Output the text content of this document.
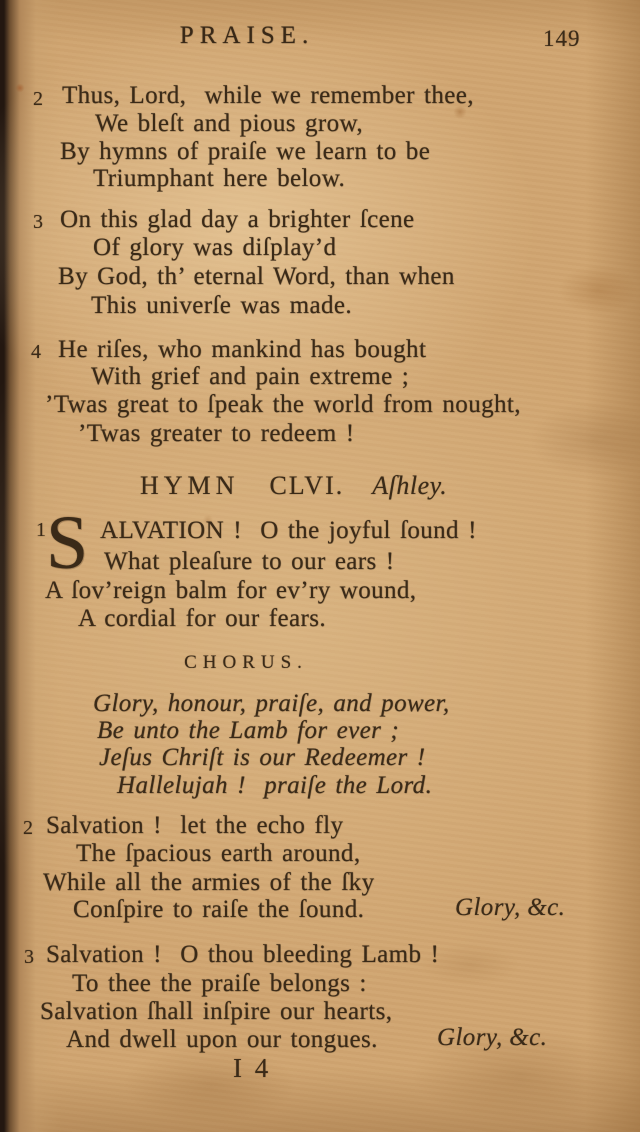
PRAISE.	149
2 Thus, Lord,  while we remember thee,
We bleſt and pious grow,
By hymns of praiſe we learn to be
Triumphant here below.
3 On this glad day a brighter ſcene
Of glory was diſplay’d
By God, th’ eternal Word, than when
This univerſe was made.
4 He riſes, who mankind has bought
With grief and pain extreme ;
’Twas great to ſpeak the world from nought,
’Twas greater to redeem !
HYMN CLVI. Aſhley.
1 S ALVATION !  O the joyful ſound !
What pleaſure to our ears !
A ſov’reign balm for ev’ry wound,
A cordial for our fears.
CHORUS.
Glory, honour, praiſe, and power,
Be unto the Lamb for ever ;
Jeſus Chriſt is our Redeemer !
Hallelujah !  praiſe the Lord.
2 Salvation !  let the echo fly
The ſpacious earth around,
While all the armies of the ſky
Conſpire to raiſe the ſound.	Glory, &c.
3 Salvation !  O thou bleeding Lamb !
To thee the praiſe belongs :
Salvation ſhall inſpire our hearts,
And dwell upon our tongues. Glory, &c.
I 4
